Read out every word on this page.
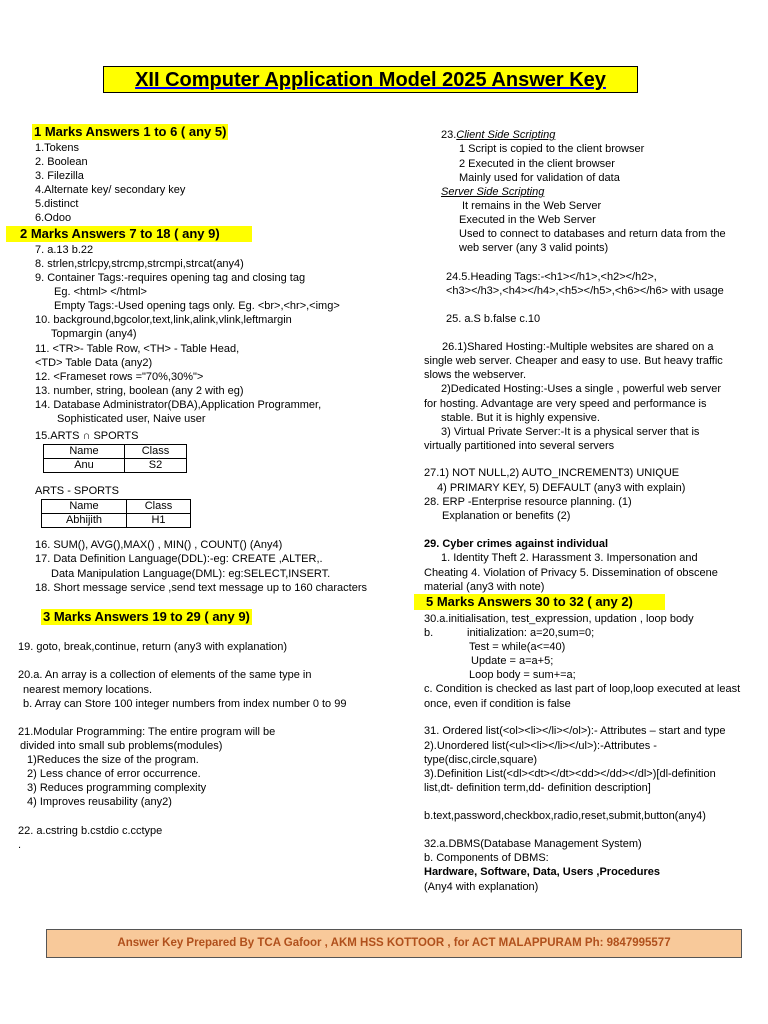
XII Computer Application Model 2025 Answer Key
1 Marks Answers 1 to 6 ( any 5)
1.Tokens
2. Boolean
3. Filezilla
4.Alternate key/ secondary key
5.distinct
6.Odoo
2 Marks Answers 7 to 18 ( any 9)
7. a.13 b.22
8. strlen,strlcpy,strcmp,strcmpi,strcat(any4)
9. Container Tags:-requires opening tag and closing tag
Eg. <html> </html>
Empty Tags:-Used opening tags only. Eg. <br>,<hr>,<img>
10. background,bgcolor,text,link,alink,vlink,leftmargin
Topmargin (any4)
11. <TR>- Table Row, <TH> - Table Head,
<TD> Table Data (any2)
12. <Frameset rows ="70%,30%">
13. number, string, boolean (any 2 with eg)
14. Database Administrator(DBA),Application Programmer,
Sophisticated user, Naive user
15.ARTS ∩ SPORTS
Name	Class
Anu	S2
ARTS - SPORTS
Name	Class
Abhijith	H1
16. SUM(), AVG(),MAX() , MIN() , COUNT() (Any4)
17. Data Definition Language(DDL):-eg: CREATE ,ALTER,.
Data Manipulation Language(DML): eg:SELECT,INSERT.
18. Short message service ,send text message up to 160 characters
3 Marks Answers 19 to 29 ( any 9)
19. goto, break,continue, return (any3 with explanation)
20.a. An array is a collection of elements of the same type in
nearest memory locations.
b. Array can Store 100 integer numbers from index number 0 to 99
21.Modular Programming: The entire program will be
divided into small sub problems(modules)
1)Reduces the size of the program.
2) Less chance of error occurrence.
3) Reduces programming complexity
4) Improves reusability (any2)
22. a.cstring b.cstdio c.cctype
.
23.Client Side Scripting
1 Script is copied to the client browser
2 Executed in the client browser
Mainly used for validation of data
Server Side Scripting
It remains in the Web Server
Executed in the Web Server
Used to connect to databases and return data from the
web server (any 3 valid points)
24.5.Heading Tags:-<h1></h1>,<h2></h2>,
<h3></h3>,<h4></h4>,<h5></h5>,<h6></h6> with usage
25. a.S b.false c.10
26.1)Shared Hosting:-Multiple websites are shared on a
single web server. Cheaper and easy to use. But heavy traffic
slows the webserver.
2)Dedicated Hosting:-Uses a single , powerful web server
for hosting. Advantage are very speed and performance is
stable. But it is highly expensive.
3) Virtual Private Server:-It is a physical server that is
virtually partitioned into several servers
27.1) NOT NULL,2) AUTO_INCREMENT3) UNIQUE
4) PRIMARY KEY, 5) DEFAULT (any3 with explain)
28. ERP -Enterprise resource planning. (1)
Explanation or benefits (2)
29. Cyber crimes against individual
1. Identity Theft 2. Harassment 3. Impersonation and
Cheating 4. Violation of Privacy 5. Dissemination of obscene
material (any3 with note)
5 Marks Answers 30 to 32 ( any 2)
30.a.initialisation, test_expression, updation , loop body
b.	initialization: a=20,sum=0;
Test = while(a<=40)
Update = a=a+5;
Loop body = sum+=a;
c. Condition is checked as last part of loop,loop executed at least
once, even if condition is false
31. Ordered list(<ol><li></li></ol>):- Attributes – start and type
2).Unordered list(<ul><li></li></ul>):-Attributes -
type(disc,circle,square)
3).Definition List(<dl><dt></dt><dd></dd></dl>)[dl-definition
list,dt- definition term,dd- definition description]
b.text,password,checkbox,radio,reset,submit,button(any4)
32.a.DBMS(Database Management System)
b. Components of DBMS:
Hardware, Software, Data, Users ,Procedures
(Any4 with explanation)
Answer Key Prepared By TCA Gafoor , AKM HSS KOTTOOR , for ACT MALAPPURAM Ph: 9847995577
